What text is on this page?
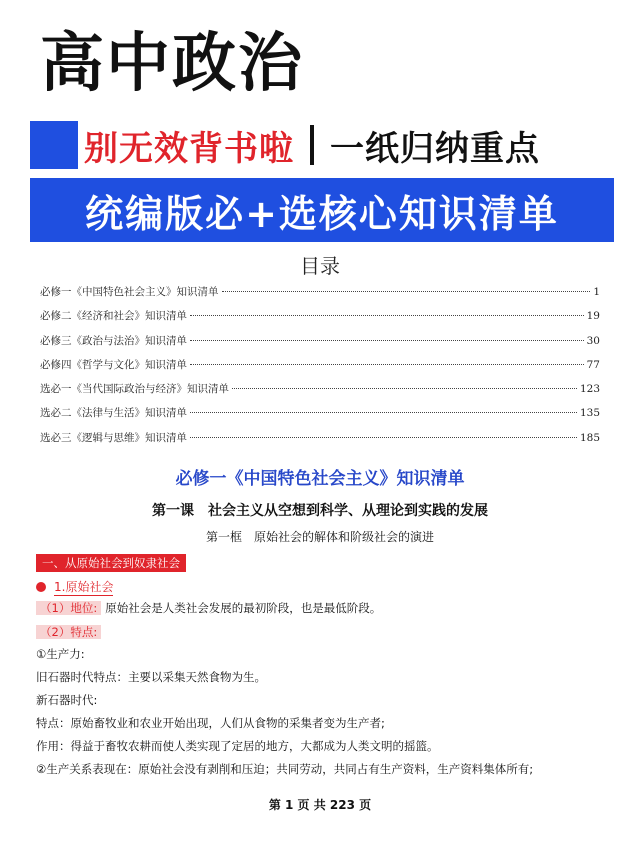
高中政治
别无效背书啦 一纸归纳重点
统编版必+选核心知识清单
目录
必修一《中国特色社会主义》知识清单	1
必修二《经济和社会》知识清单	19
必修三《政治与法治》知识清单	30
必修四《哲学与文化》知识清单	77
选必一《当代国际政治与经济》知识清单	123
选必二《法律与生活》知识清单	135
选必三《逻辑与思维》知识清单	185
必修一《中国特色社会主义》知识清单
第一课　社会主义从空想到科学、从理论到实践的发展
第一框　原始社会的解体和阶级社会的演进
一、从原始社会到奴隶社会
1.原始社会
（1）地位: 原始社会是人类社会发展的最初阶段，也是最低阶段。
（2）特点:
①生产力:
旧石器时代特点：主要以采集天然食物为生。
新石器时代:
特点：原始畜牧业和农业开始出现，人们从食物的采集者变为生产者;
作用：得益于畜牧农耕而使人类实现了定居的地方，大都成为人类文明的摇篮。
②生产关系表现在：原始社会没有剥削和压迫；共同劳动，共同占有生产资料，生产资料集体所有;
第 1 页 共 223 页
